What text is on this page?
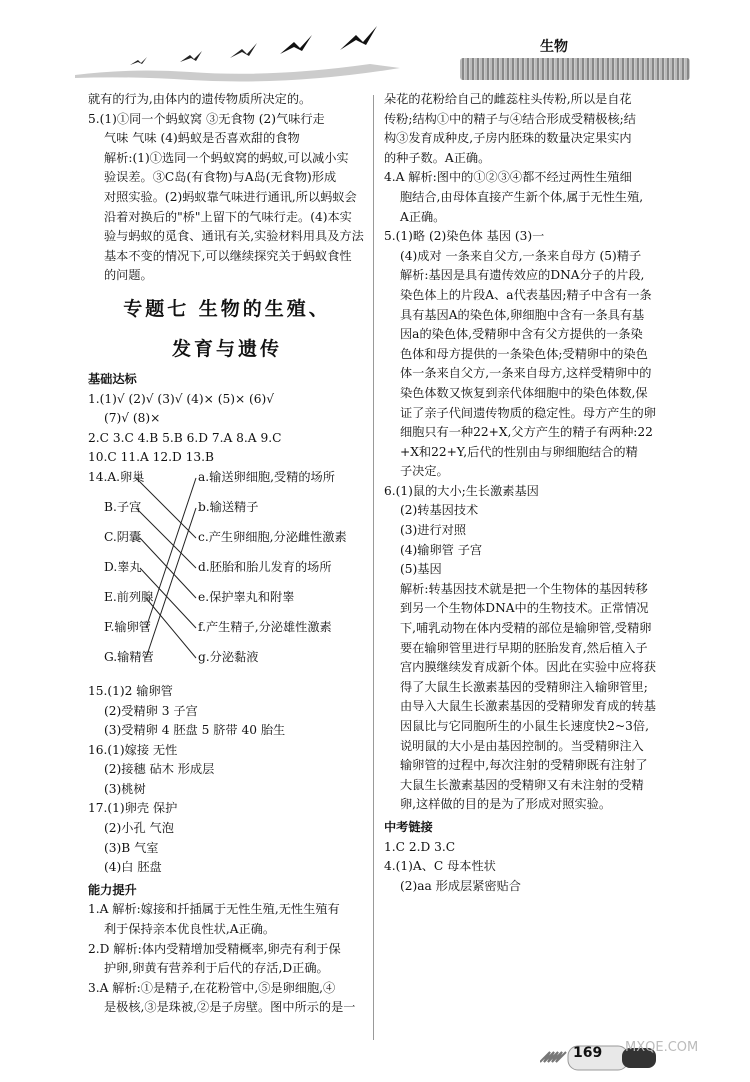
生物

就有的行为,由体内的遗传物质所决定的。

5.(1)①同一个蚂蚁窝 ③无食物 (2)气味行走

气味 气味 (4)蚂蚁是否喜欢甜的食物

解析:(1)①选同一个蚂蚁窝的蚂蚁,可以减小实

验误差。③C岛(有食物)与A岛(无食物)形成

对照实验。(2)蚂蚁靠气味进行通讯,所以蚂蚁会

沿着对换后的"桥"上留下的气味行走。(4)本实

验与蚂蚁的觅食、通讯有关,实验材料用具及方法

基本不变的情况下,可以继续探究关于蚂蚁食性

的问题。

专题七 生物的生殖、

发育与遗传

基础达标

1.(1)√ (2)√ (3)√ (4)× (5)× (6)√

(7)√ (8)×

2.C 3.C 4.B 5.B 6.D 7.A 8.A 9.C

10.C 11.A 12.D 13.B

14.A.卵巢
B.子宫
C.阴囊
D.睾丸
E.前列腺
F.输卵管
G.输精管
a.输送卵细胞,受精的场所
b.输送精子
c.产生卵细胞,分泌雌性激素
d.胚胎和胎儿发育的场所
e.保护睾丸和附睾
f.产生精子,分泌雄性激素
g.分泌黏液

15.(1)2 输卵管

(2)受精卵 3 子宫

(3)受精卵 4 胚盘 5 脐带 40 胎生

16.(1)嫁接 无性

(2)接穗 砧木 形成层

(3)桃树

17.(1)卵壳 保护

(2)小孔 气泡

(3)B 气室

(4)白 胚盘

能力提升

1.A 解析:嫁接和扦插属于无性生殖,无性生殖有

利于保持亲本优良性状,A正确。

2.D 解析:体内受精增加受精概率,卵壳有利于保

护卵,卵黄有营养利于后代的存活,D正确。

3.A 解析:①是精子,在花粉管中,⑤是卵细胞,④

是极核,③是珠被,②是子房壁。图中所示的是一

朵花的花粉给自己的雌蕊柱头传粉,所以是自花

传粉;结构①中的精子与④结合形成受精极核;结

构③发育成种皮,子房内胚珠的数量决定果实内

的种子数。A正确。

4.A 解析:图中的①②③④都不经过两性生殖细

胞结合,由母体直接产生新个体,属于无性生殖,

A正确。

5.(1)略 (2)染色体 基因 (3)一

(4)成对 一条来自父方,一条来自母方 (5)精子

解析:基因是具有遗传效应的DNA分子的片段,

染色体上的片段A、a代表基因;精子中含有一条

具有基因A的染色体,卵细胞中含有一条具有基

因a的染色体,受精卵中含有父方提供的一条染

色体和母方提供的一条染色体;受精卵中的染色

体一条来自父方,一条来自母方,这样受精卵中的

染色体数又恢复到亲代体细胞中的染色体数,保

证了亲子代间遗传物质的稳定性。母方产生的卵

细胞只有一种22+X,父方产生的精子有两种:22

+X和22+Y,后代的性别由与卵细胞结合的精

子决定。

6.(1)鼠的大小;生长激素基因

(2)转基因技术

(3)进行对照

(4)输卵管 子宫

(5)基因

解析:转基因技术就是把一个生物体的基因转移

到另一个生物体DNA中的生物技术。正常情况

下,哺乳动物在体内受精的部位是输卵管,受精卵

要在输卵管里进行早期的胚胎发育,然后植入子

宫内膜继续发育成新个体。因此在实验中应将获

得了大鼠生长激素基因的受精卵注入输卵管里;

由导入大鼠生长激素基因的受精卵发育成的转基

因鼠比与它同胞所生的小鼠生长速度快2~3倍,

说明鼠的大小是由基因控制的。当受精卵注入

输卵管的过程中,每次注射的受精卵既有注射了

大鼠生长激素基因的受精卵又有未注射的受精

卵,这样做的目的是为了形成对照实验。

中考链接

1.C 2.D 3.C

4.(1)A、C 母本性状

(2)aa 形成层紧密贴合

169 MXQE.COM
